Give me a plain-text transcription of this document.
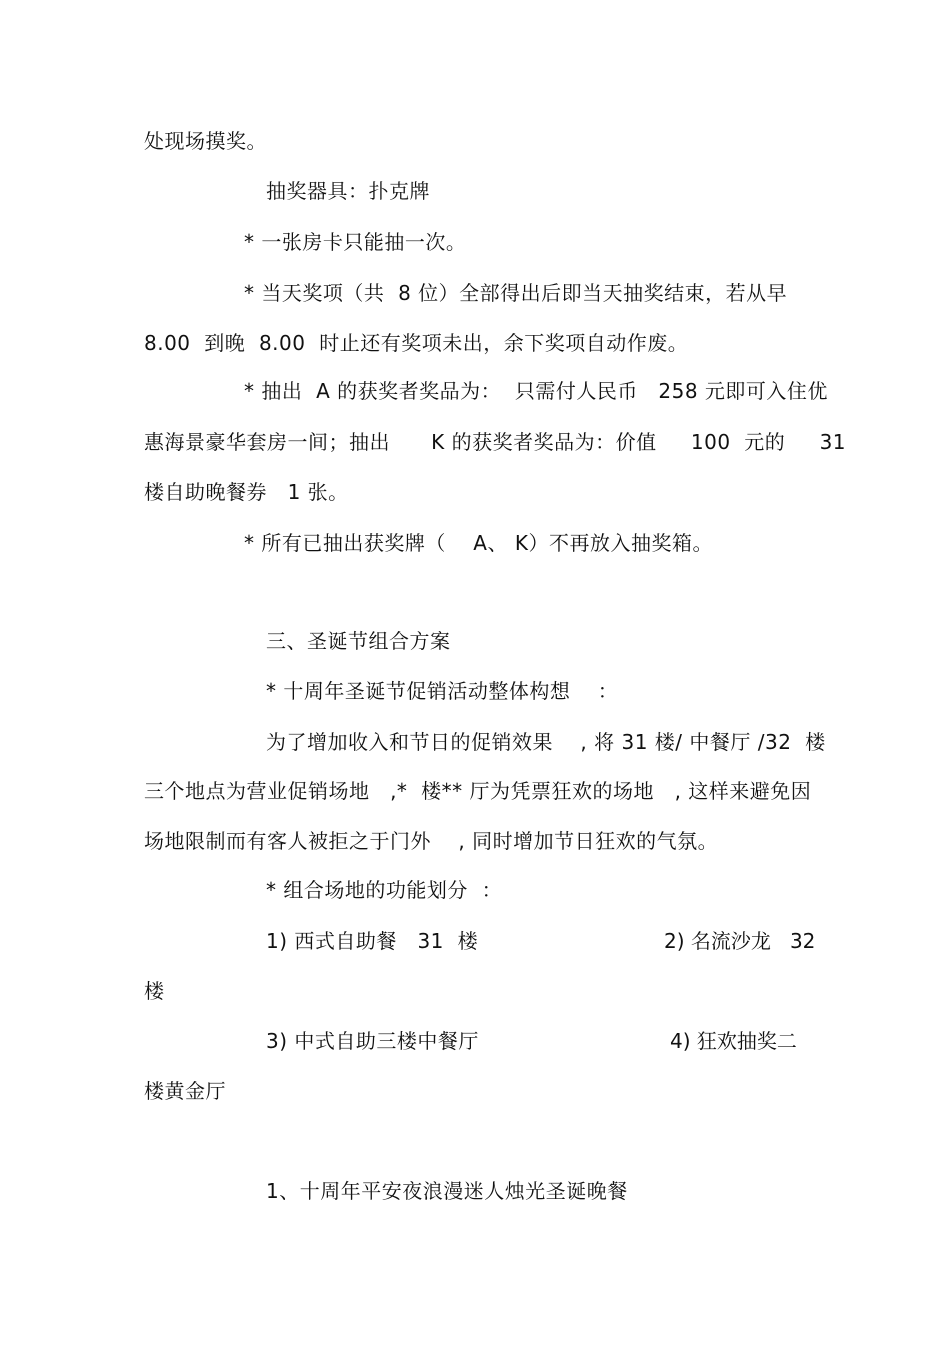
处现场摸奖。
抽奖器具：扑克牌
* 一张房卡只能抽一次。
* 当天奖项（共  8 位）全部得出后即当天抽奖结束，若从早
8.00  到晚  8.00  时止还有奖项未出，余下奖项自动作废。
* 抽出  A 的获奖者奖品为：  只需付人民币   258 元即可入住优
惠海景豪华套房一间；抽出      K 的获奖者奖品为：价值     100  元的     31
楼自助晚餐券   1 张。
* 所有已抽出获奖牌（    A、 K）不再放入抽奖箱。
三、圣诞节组合方案
* 十周年圣诞节促销活动整体构想    ：
为了增加收入和节日的促销效果    , 将 31 楼/ 中餐厅 /32  楼
三个地点为营业促销场地   ,*  楼** 厅为凭票狂欢的场地   , 这样来避免因
场地限制而有客人被拒之于门外    , 同时增加节日狂欢的气氛。
* 组合场地的功能划分  ：
1) 西式自助餐   31  楼	2) 名流沙龙   32
楼
3) 中式自助三楼中餐厅	4) 狂欢抽奖二
楼黄金厅
1、十周年平安夜浪漫迷人烛光圣诞晚餐
